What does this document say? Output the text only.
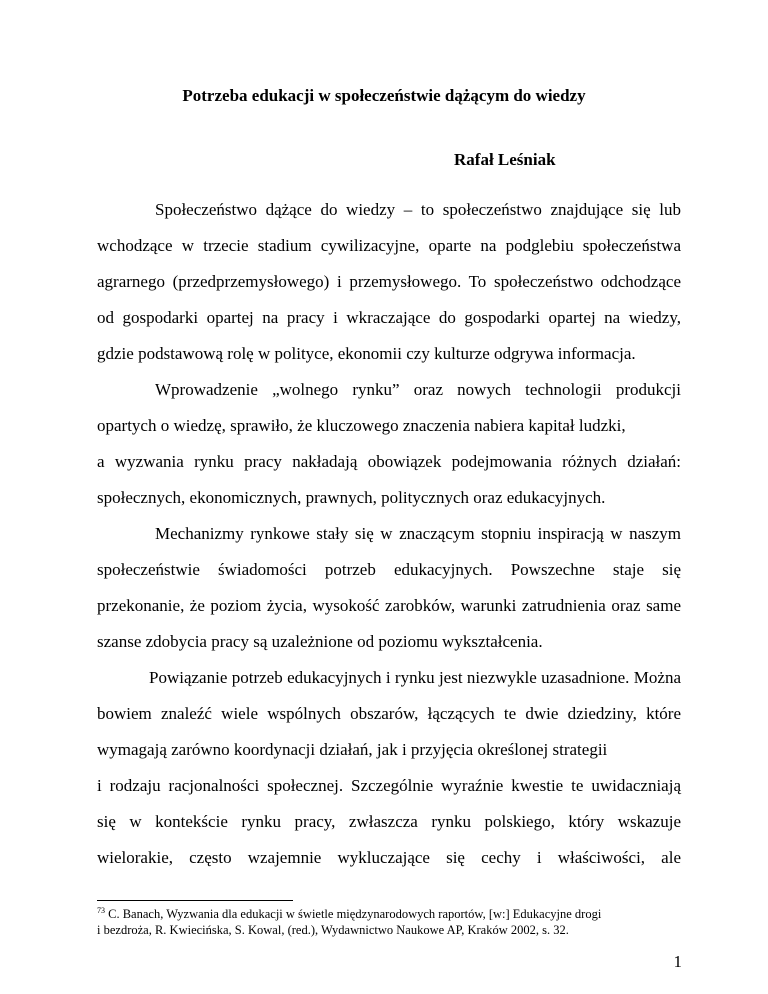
Potrzeba edukacji w społeczeństwie dążącym do wiedzy
Rafał Leśniak
Społeczeństwo dążące do wiedzy – to społeczeństwo znajdujące się lub
wchodzące w trzecie stadium cywilizacyjne, oparte na podglebiu społeczeństwa
agrarnego (przedprzemysłowego) i przemysłowego. To społeczeństwo odchodzące
od gospodarki opartej na pracy i wkraczające do gospodarki opartej na wiedzy,
gdzie podstawową rolę w polityce, ekonomii czy kulturze odgrywa informacja.
Wprowadzenie „wolnego rynku” oraz nowych technologii produkcji
opartych o wiedzę, sprawiło, że kluczowego znaczenia nabiera kapitał ludzki,
a wyzwania rynku pracy nakładają obowiązek podejmowania różnych działań:
społecznych, ekonomicznych, prawnych, politycznych oraz edukacyjnych.
Mechanizmy rynkowe stały się w znaczącym stopniu inspiracją w naszym
społeczeństwie świadomości potrzeb edukacyjnych. Powszechne staje się
przekonanie, że poziom życia, wysokość zarobków, warunki zatrudnienia oraz same
szanse zdobycia pracy są uzależnione od poziomu wykształcenia.
Powiązanie potrzeb edukacyjnych i rynku jest niezwykle uzasadnione. Można
bowiem znaleźć wiele wspólnych obszarów, łączących te dwie dziedziny, które
wymagają zarówno koordynacji działań, jak i przyjęcia określonej strategii
i rodzaju racjonalności społecznej. Szczególnie wyraźnie kwestie te uwidaczniają
się w kontekście rynku pracy, zwłaszcza rynku polskiego, który wskazuje
wielorakie, często wzajemnie wykluczające się cechy i właściwości, ale
$^{73}$ C. Banach, Wyzwania dla edukacji w świetle międzynarodowych raportów, [w:] Edukacyjne drogi
i bezdroża, R. Kwiecińska, S. Kowal, (red.), Wydawnictwo Naukowe AP, Kraków 2002, s. 32.
1
